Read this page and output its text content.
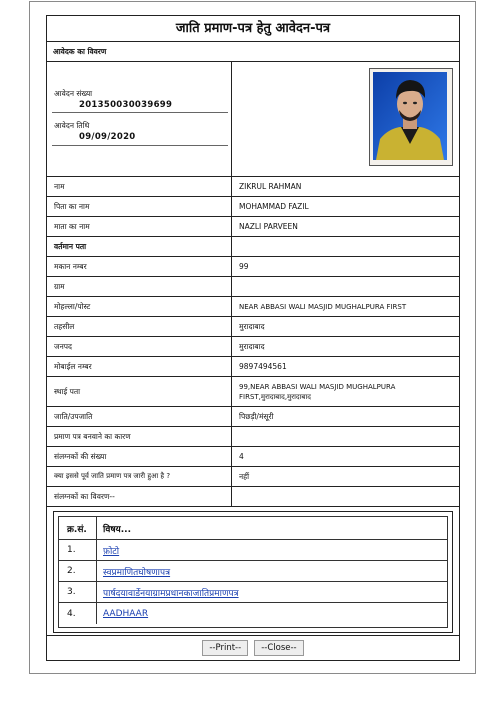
जाति प्रमाण-पत्र हेतु आवेदन-पत्र
आवेदक का विवरण
आवेदन संख्या
201350030039699
आवेदन तिथि
09/09/2020
नाम	ZIKRUL RAHMAN
पिता का नाम	MOHAMMAD FAZIL
माता का नाम	NAZLI PARVEEN
वर्तमान पता
मकान नम्बर	99
ग्राम
मोहल्ला/पोस्ट	NEAR ABBASI WALI MASJID MUGHALPURA FIRST
तहसील	मुरादाबाद
जनपद	मुरादाबाद
मोबाईल नम्बर	9897494561
स्थाई पता	99,NEAR ABBASI WALI MASJID MUGHALPURA FIRST,मुरादाबाद,मुरादाबाद
जाति/उपजाति	पिछड़ी/मंसूरी
प्रमाण पत्र बनवाने का कारण
संलग्नकों की संख्या	4
क्या इससे पूर्व जाति प्रमाण पत्र जारी हुआ है ?	नहीं
संलग्नकों का विवरण--
क्र.सं.	विषय...
1.	फ़ोटो
2.	स्वप्रमाणितघोषणापत्र
3.	पार्षदयावार्डेनयाग्रामप्रधानकाजातिप्रमाणपत्र
4.	AADHAAR
--Print--	--Close--
